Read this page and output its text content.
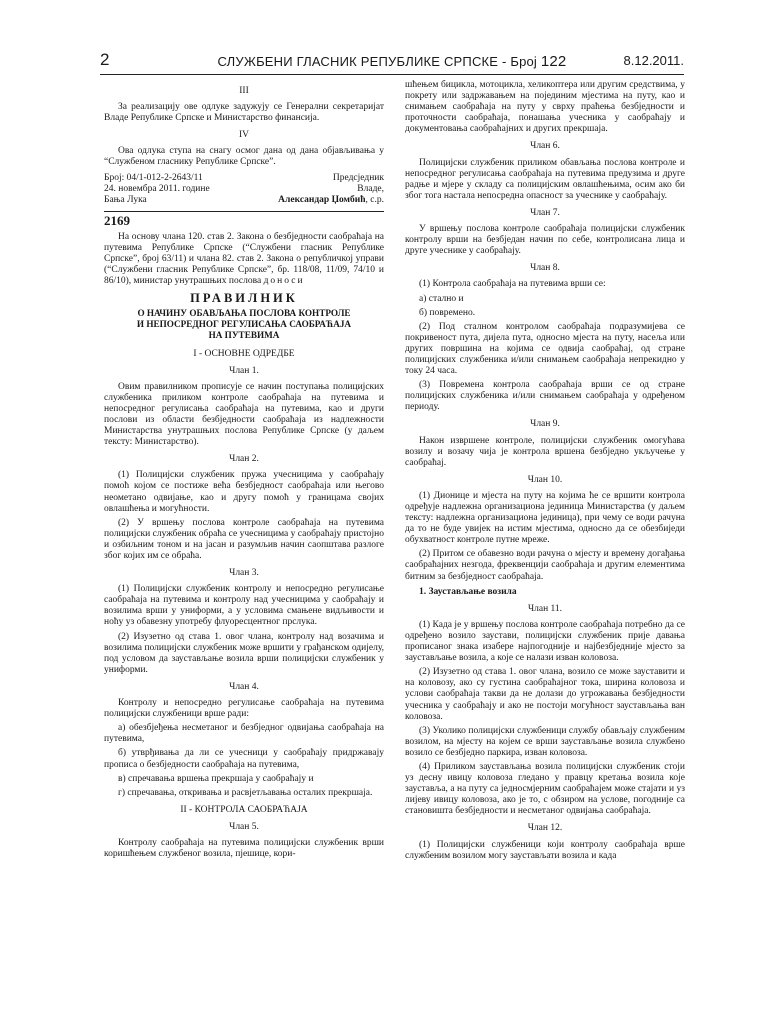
2	СЛУЖБЕНИ ГЛАСНИК РЕПУБЛИКЕ СРПСКЕ - Број 122	8.12.2011.

III

За реализацију ове одлуке задужују се Генерални секретаријат Владе Републике Српске и Министарство финансија.

IV

Ова одлука ступа на снагу осмог дана од дана објављивања у “Службеном гласнику Републике Српске”.

Број: 04/1-012-2-2643/11
24. новембра 2011. године
Бања Лука
Предсједник
Владе,
Александар Џомбић, с.р.
2169

На основу члана 120. став 2. Закона о безбједности саобраћаја на путевима Републике Српске (“Службени гласник Републике Српске”, број 63/11) и члана 82. став 2. Закона о републичкој управи (“Службени гласник Републике Српске”, бр. 118/08, 11/09, 74/10 и 86/10), министар унутрашњих послова доноси

ПРАВИЛНИК
О НАЧИНУ ОБАВЉАЊА ПОСЛОВА КОНТРОЛЕ
И НЕПОСРЕДНОГ РЕГУЛИСАЊА САОБРАЋАЈА
НА ПУТЕВИМА

I - ОСНОВНЕ ОДРЕДБЕ

Члан 1.

Овим правилником прописује се начин поступања полицијских службеника приликом контроле саобраћаја на путевима и непосредног регулисања саобраћаја на путевима, као и други послови из области безбједности саобраћаја из надлежности Министарства унутрашњих послова Републике Српске (у даљем тексту: Министарство).

Члан 2.

(1) Полицијски службеник пружа учесницима у саобраћају помоћ којом се постиже већа безбједност саобраћаја или његово неометано одвијање, као и другу помоћ у границама својих овлашћења и могућности.

(2) У вршењу послова контроле саобраћаја на путевима полицијски службеник обраћа се учесницима у саобраћају пристојно и озбиљним тоном и на јасан и разумљив начин саопштава разлоге због којих им се обраћа.

Члан 3.

(1) Полицијски службеник контролу и непосредно регулисање саобраћаја на путевима и контролу над учесницима у саобраћају и возилима врши у униформи, а у условима смањене видљивости и ноћу уз обавезну употребу флуоресцентног прслука.

(2) Изузетно од става 1. овог члана, контролу над возачима и возилима полицијски службеник може вршити у грађанском одијелу, под условом да заустављање возила врши полицијски службеник у униформи.

Члан 4.

Контролу и непосредно регулисање саобраћаја на путевима полицијски службеници врше ради:

а) обезбјеђења несметаног и безбједног одвијања саобраћаја на путевима,

б) утврђивања да ли се учесници у саобраћају придржавају прописа о безбједности саобраћаја на путевима,

в) спречавања вршења прекршаја у саобраћају и

г) спречавања, откривања и расвјетљавања осталих прекршаја.

II - КОНТРОЛА САОБРАЋАЈА

Члан 5.

Контролу саобраћаја на путевима полицијски службеник врши коришћењем службеног возила, пјешице, кори-

шћењем бицикла, мотоцикла, хеликоптера или другим средствима, у покрету или задржавањем на појединим мјестима на путу, као и снимањем саобраћаја на путу у сврху праћења безбједности и проточности саобраћаја, понашања учесника у саобраћају и документовања саобраћајних и других прекршаја.

Члан 6.

Полицијски службеник приликом обављања послова контроле и непосредног регулисања саобраћаја на путевима предузима и друге радње и мјере у складу са полицијским овлашћењима, осим ако би због тога настала непосредна опасност за учеснике у саобраћају.

Члан 7.

У вршењу послова контроле саобраћаја полицијски службеник контролу врши на безбједан начин по себе, контролисана лица и друге учеснике у саобраћају.

Члан 8.

(1) Контрола саобраћаја на путевима врши се:

а) стално и

б) повремено.

(2) Под сталном контролом саобраћаја подразумијева се покривеност пута, дијела пута, односно мјеста на путу, насеља или других површина на којима се одвија саобраћај, од стране полицијских службеника и/или снимањем саобраћаја непрекидно у току 24 часа.

(3) Повремена контрола саобраћаја врши се од стране полицијских службеника и/или снимањем саобраћаја у одређеном периоду.

Члан 9.

Након извршене контроле, полицијски службеник омогућава возилу и возачу чија је контрола вршена безбједно укључење у саобраћај.

Члан 10.

(1) Дионице и мјеста на путу на којима ће се вршити контрола одређује надлежна организациона јединица Министарства (у даљем тексту: надлежна организациона јединица), при чему се води рачуна да то не буде увијек на истим мјестима, односно да се обезбиједи обухватност контроле путне мреже.

(2) Притом се обавезно води рачуна о мјесту и времену догађања саобраћајних незгода, фреквенцији саобраћаја и другим елементима битним за безбједност саобраћаја.

1. Заустављање возила

Члан 11.

(1) Када је у вршењу послова контроле саобраћаја потребно да се одређено возило заустави, полицијски службеник прије давања прописаног знака изабере најпогодније и најбезбједније мјесто за заустављање возила, а које се налази изван коловоза.

(2) Изузетно од става 1. овог члана, возило се може зауставити и на коловозу, ако су густина саобраћајног тока, ширина коловоза и услови саобраћаја такви да не долази до угрожавања безбједности учесника у саобраћају и ако не постоји могућност заустављања ван коловоза.

(3) Уколико полицијски службеници службу обављају службеним возилом, на мјесту на којем се врши заустављање возила службено возило се безбједно паркира, изван коловоза.

(4) Приликом заустављања возила полицијски службеник стоји уз десну ивицу коловоза гледано у правцу кретања возила које зауставља, а на путу са једносмјерним саобраћајем може стајати и уз лијеву ивицу коловоза, ако је то, с обзиром на услове, погодније са становишта безбједности и несметаног одвијања саобраћаја.

Члан 12.

(1) Полицијски службеници који контролу саобраћаја врше службеним возилом могу заустављати возила и када
